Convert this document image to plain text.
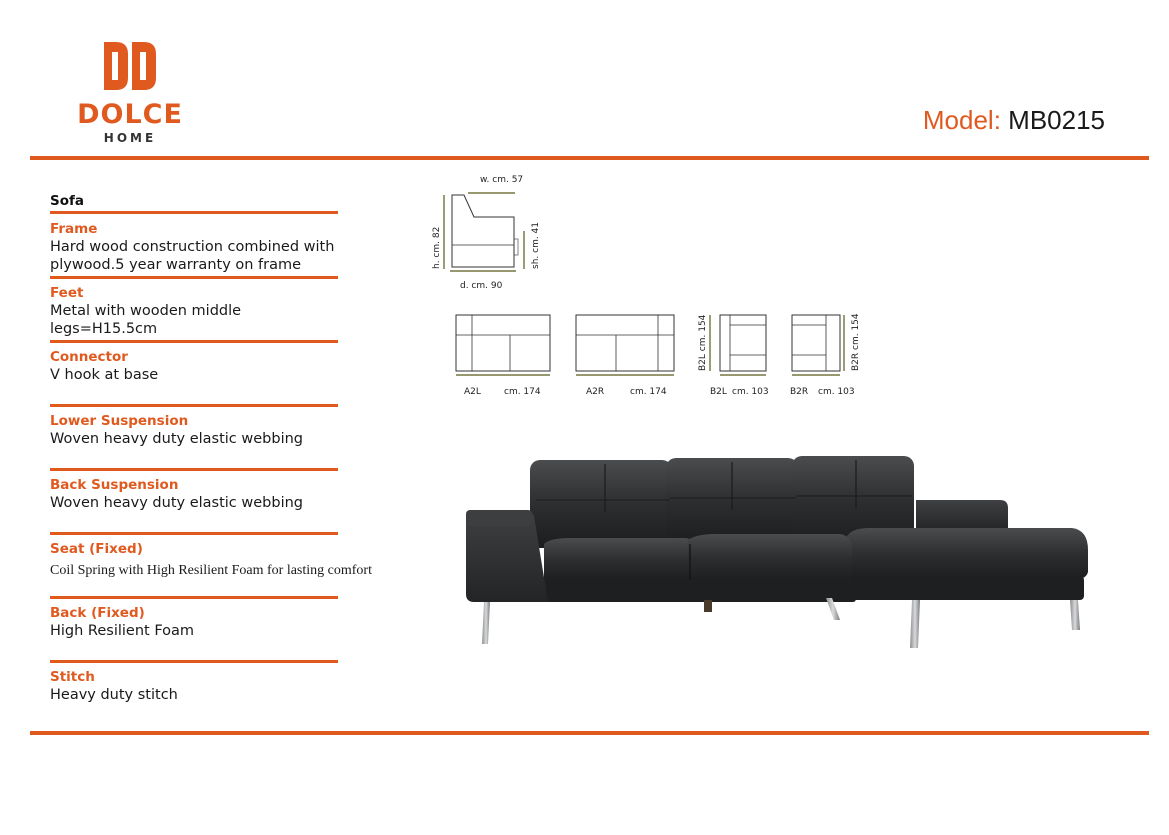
DOLCE
HOME
Model: MB0215
Sofa
Frame
Hard wood construction combined with plywood.5 year warranty on frame
Feet
Metal with wooden middle legs=H15.5cm
Connector
V hook at base
Lower Suspension
Woven heavy duty elastic webbing
Back Suspension
Woven heavy duty elastic webbing
Seat (Fixed)
Coil Spring with High Resilient Foam for lasting comfort
Back (Fixed)
High Resilient Foam
Stitch
Heavy duty stitch
w. cm. 57
h. cm. 82	sh. cm. 41
d. cm. 90
A2L	cm. 174	A2R	cm. 174
B2L cm. 154
B2L cm. 103
B2R cm. 154
B2R cm. 103
